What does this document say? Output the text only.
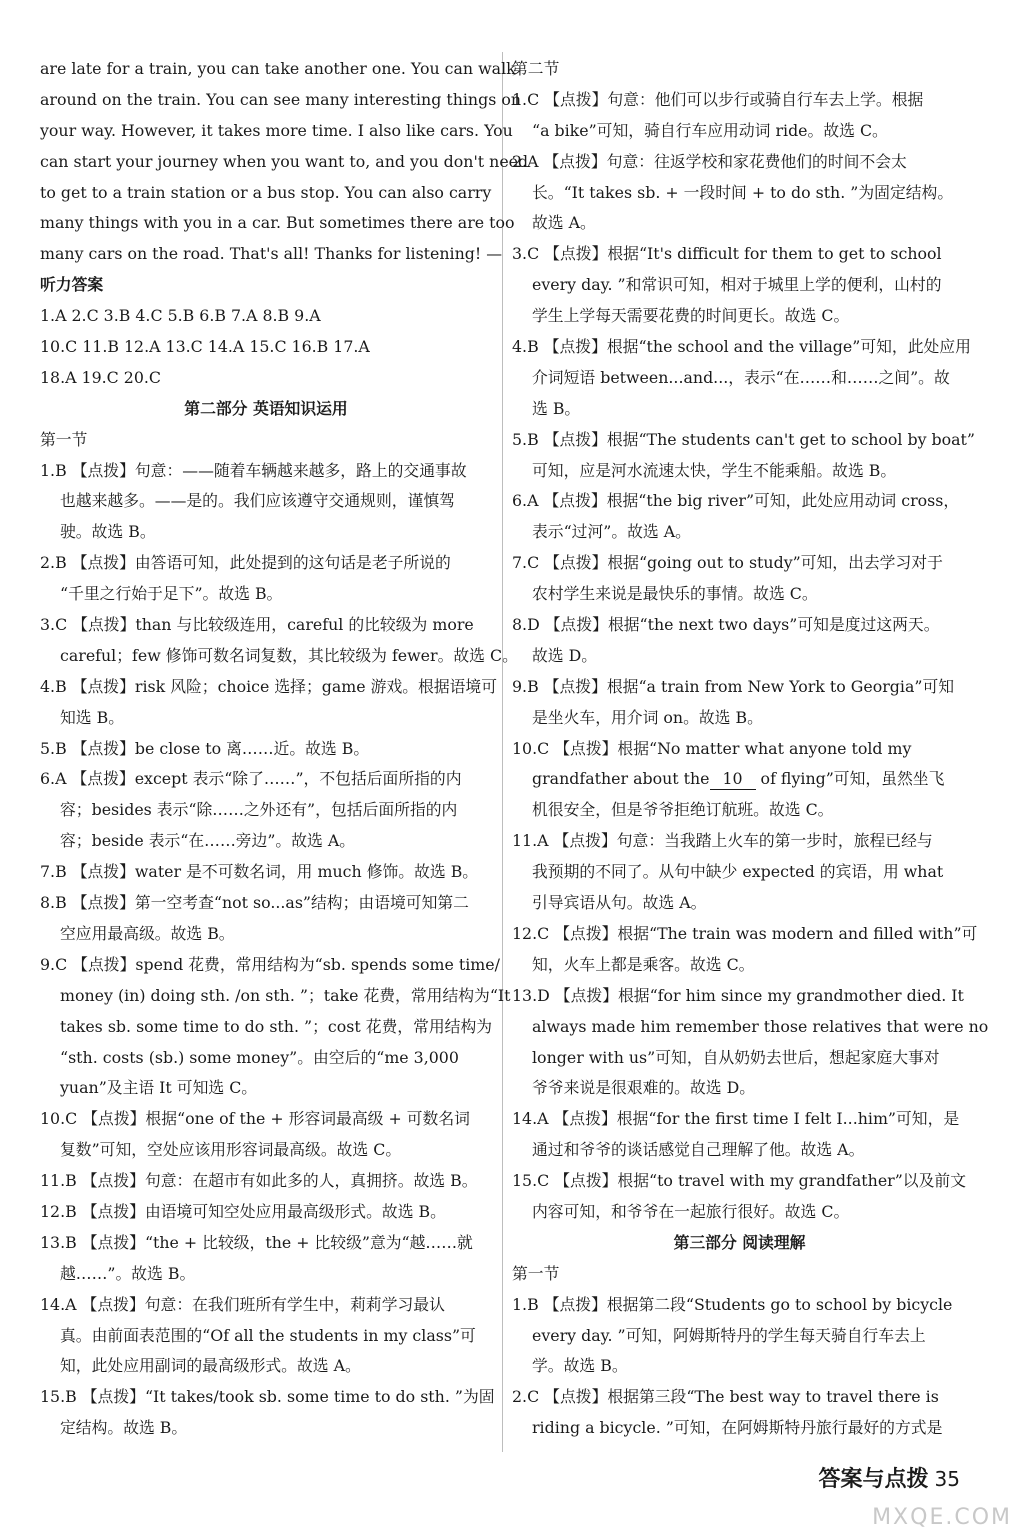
are late for a train, you can take another one. You can walk

around on the train. You can see many interesting things on

your way. However, it takes more time. I also like cars. You

can start your journey when you want to, and you don't need

to get to a train station or a bus stop. You can also carry

many things with you in a car. But sometimes there are too

many cars on the road. That's all! Thanks for listening! —

听力答案

1.A 2.C 3.B 4.C 5.B 6.B 7.A 8.B 9.A

10.C 11.B 12.A 13.C 14.A 15.C 16.B 17.A

18.A 19.C 20.C

第二部分 英语知识运用

第一节

1.B 【点拨】句意：——随着车辆越来越多，路上的交通事故

也越来越多。——是的。我们应该遵守交通规则，谨慎驾

驶。故选 B。

2.B 【点拨】由答语可知，此处提到的这句话是老子所说的

“千里之行始于足下”。故选 B。

3.C 【点拨】than 与比较级连用，careful 的比较级为 more

careful；few 修饰可数名词复数，其比较级为 fewer。故选 C。

4.B 【点拨】risk 风险；choice 选择；game 游戏。根据语境可

知选 B。

5.B 【点拨】be close to 离……近。故选 B。

6.A 【点拨】except 表示“除了……”，不包括后面所指的内

容；besides 表示“除……之外还有”，包括后面所指的内

容；beside 表示“在……旁边”。故选 A。

7.B 【点拨】water 是不可数名词，用 much 修饰。故选 B。

8.B 【点拨】第一空考查“not so...as”结构；由语境可知第二

空应用最高级。故选 B。

9.C 【点拨】spend 花费，常用结构为“sb. spends some time/

money (in) doing sth. /on sth. ”；take 花费，常用结构为“It

takes sb. some time to do sth. ”；cost 花费，常用结构为

“sth. costs (sb.) some money”。由空后的“me 3,000

yuan”及主语 It 可知选 C。

10.C 【点拨】根据“one of the + 形容词最高级 + 可数名词

复数”可知，空处应该用形容词最高级。故选 C。

11.B 【点拨】句意：在超市有如此多的人，真拥挤。故选 B。

12.B 【点拨】由语境可知空处应用最高级形式。故选 B。

13.B 【点拨】“the + 比较级，the + 比较级”意为“越……就

越……”。故选 B。

14.A 【点拨】句意：在我们班所有学生中，莉莉学习最认

真。由前面表范围的“Of all the students in my class”可

知，此处应用副词的最高级形式。故选 A。

15.B 【点拨】“It takes/took sb. some time to do sth. ”为固

定结构。故选 B。

第二节

1.C 【点拨】句意：他们可以步行或骑自行车去上学。根据

“a bike”可知，骑自行车应用动词 ride。故选 C。

2.A 【点拨】句意：往返学校和家花费他们的时间不会太

长。“It takes sb. + 一段时间 + to do sth. ”为固定结构。

故选 A。

3.C 【点拨】根据“It's difficult for them to get to school

every day. ”和常识可知，相对于城里上学的便利，山村的

学生上学每天需要花费的时间更长。故选 C。

4.B 【点拨】根据“the school and the village”可知，此处应用

介词短语 between...and...，表示“在……和……之间”。故

选 B。

5.B 【点拨】根据“The students can't get to school by boat”

可知，应是河水流速太快，学生不能乘船。故选 B。

6.A 【点拨】根据“the big river”可知，此处应用动词 cross，

表示“过河”。故选 A。

7.C 【点拨】根据“going out to study”可知，出去学习对于

农村学生来说是最快乐的事情。故选 C。

8.D 【点拨】根据“the next two days”可知是度过这两天。

故选 D。

9.B 【点拨】根据“a train from New York to Georgia”可知

是坐火车，用介词 on。故选 B。

10.C 【点拨】根据“No matter what anyone told my

grandfather about the 10 of flying”可知，虽然坐飞

机很安全，但是爷爷拒绝订航班。故选 C。

11.A 【点拨】句意：当我踏上火车的第一步时，旅程已经与

我预期的不同了。从句中缺少 expected 的宾语，用 what

引导宾语从句。故选 A。

12.C 【点拨】根据“The train was modern and filled with”可

知，火车上都是乘客。故选 C。

13.D 【点拨】根据“for him since my grandmother died. It

always made him remember those relatives that were no

longer with us”可知，自从奶奶去世后，想起家庭大事对

爷爷来说是很艰难的。故选 D。

14.A 【点拨】根据“for the first time I felt I...him”可知，是

通过和爷爷的谈话感觉自己理解了他。故选 A。

15.C 【点拨】根据“to travel with my grandfather”以及前文

内容可知，和爷爷在一起旅行很好。故选 C。

第三部分 阅读理解

第一节

1.B 【点拨】根据第二段“Students go to school by bicycle

every day. ”可知，阿姆斯特丹的学生每天骑自行车去上

学。故选 B。

2.C 【点拨】根据第三段“The best way to travel there is

riding a bicycle. ”可知，在阿姆斯特丹旅行最好的方式是

答案与点拨 35
MXQE.COM
